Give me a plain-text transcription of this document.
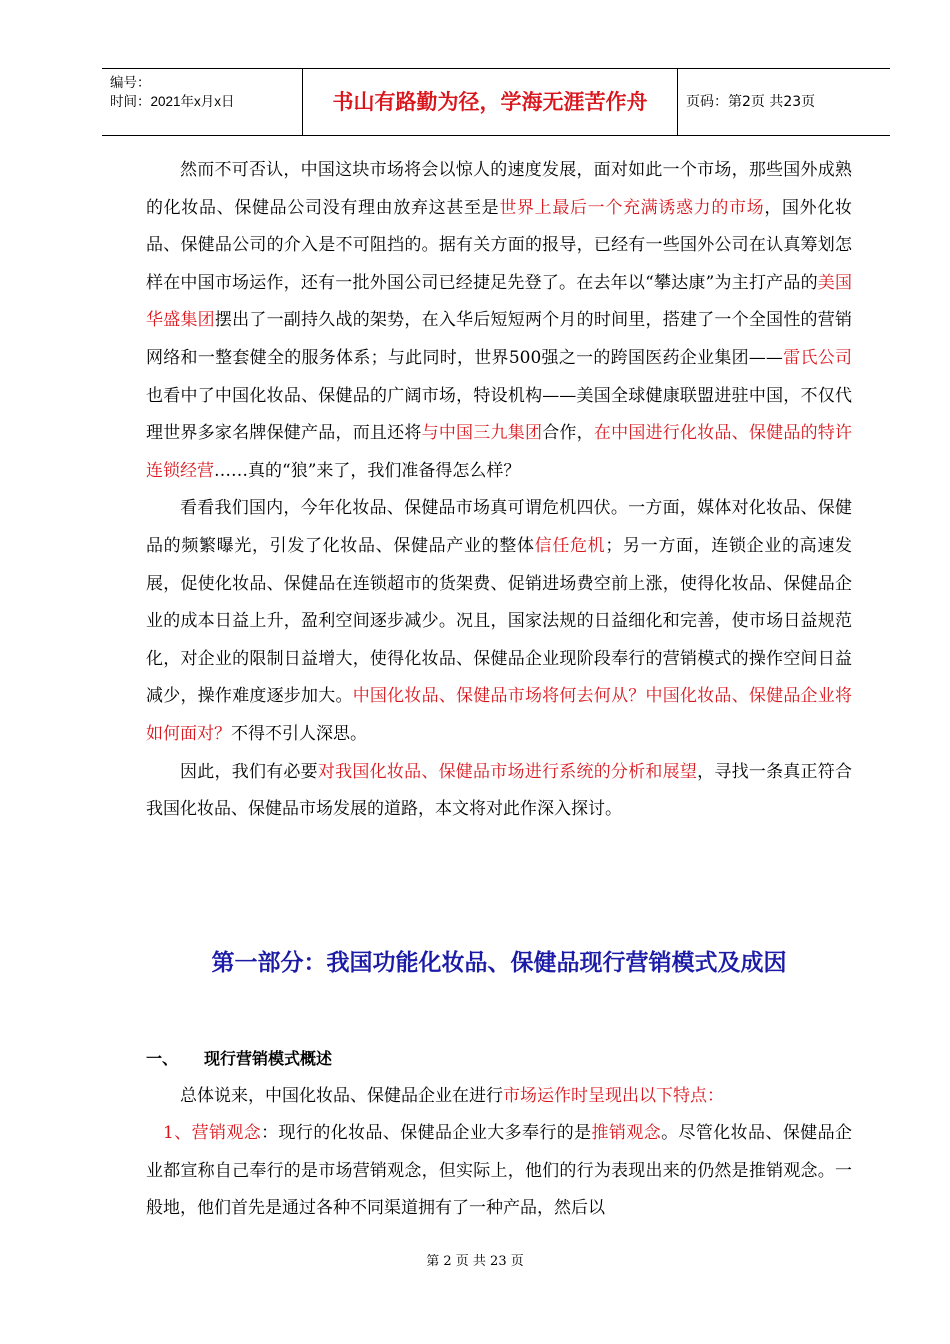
编号：
时间：2021年x月x日	书山有路勤为径，学海无涯苦作舟	页码：第2页 共23页

然而不可否认，中国这块市场将会以惊人的速度发展，面对如此一个市场，那些国外成熟的化妆品、保健品公司没有理由放弃这甚至是世界上最后一个充满诱惑力的市场，国外化妆品、保健品公司的介入是不可阻挡的。据有关方面的报导，已经有一些国外公司在认真筹划怎样在中国市场运作，还有一批外国公司已经捷足先登了。在去年以“攀达康”为主打产品的美国华盛集团摆出了一副持久战的架势，在入华后短短两个月的时间里，搭建了一个全国性的营销网络和一整套健全的服务体系；与此同时，世界500强之一的跨国医药企业集团——雷氏公司也看中了中国化妆品、保健品的广阔市场，特设机构——美国全球健康联盟进驻中国，不仅代理世界多家名牌保健产品，而且还将与中国三九集团合作，在中国进行化妆品、保健品的特许连锁经营……真的“狼”来了，我们准备得怎么样？

看看我们国内，今年化妆品、保健品市场真可谓危机四伏。一方面，媒体对化妆品、保健品的频繁曝光，引发了化妆品、保健品产业的整体信任危机；另一方面，连锁企业的高速发展，促使化妆品、保健品在连锁超市的货架费、促销进场费空前上涨，使得化妆品、保健品企业的成本日益上升，盈利空间逐步减少。况且，国家法规的日益细化和完善，使市场日益规范化，对企业的限制日益增大，使得化妆品、保健品企业现阶段奉行的营销模式的操作空间日益减少，操作难度逐步加大。中国化妆品、保健品市场将何去何从？中国化妆品、保健品企业将如何面对？不得不引人深思。

因此，我们有必要对我国化妆品、保健品市场进行系统的分析和展望，寻找一条真正符合我国化妆品、保健品市场发展的道路，本文将对此作深入探讨。

第一部分：我国功能化妆品、保健品现行营销模式及成因

一、 现行营销模式概述

总体说来，中国化妆品、保健品企业在进行市场运作时呈现出以下特点：

1、营销观念：现行的化妆品、保健品企业大多奉行的是推销观念。尽管化妆品、保健品企业都宣称自己奉行的是市场营销观念，但实际上，他们的行为表现出来的仍然是推销观念。一般地，他们首先是通过各种不同渠道拥有了一种产品，然后以

第 2 页 共 23 页
